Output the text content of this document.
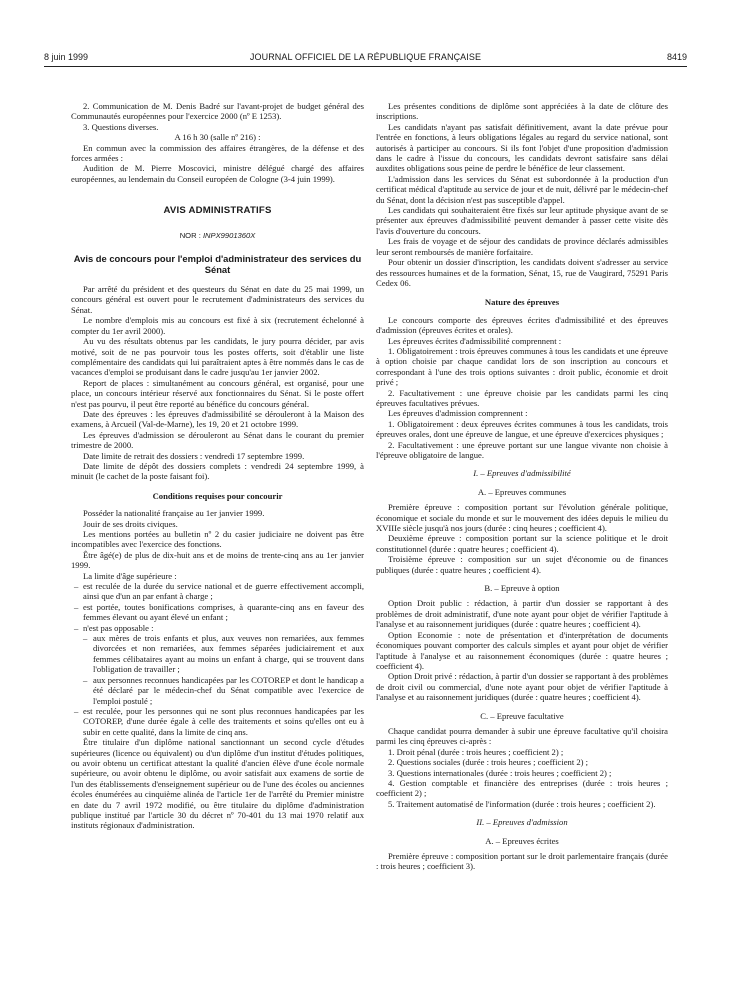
8 juin 1999	JOURNAL OFFICIEL DE LA RÉPUBLIQUE FRANÇAISE	8419

2. Communication de M. Denis Badré sur l'avant-projet de budget général des Communautés européennes pour l'exercice 2000 (nº E 1253).

3. Questions diverses.

A 16 h 30 (salle nº 216) :

En commun avec la commission des affaires étrangères, de la défense et des forces armées :

Audition de M. Pierre Moscovici, ministre délégué chargé des affaires européennes, au lendemain du Conseil européen de Cologne (3-4 juin 1999).

AVIS ADMINISTRATIFS
NOR : INPX9901360X
Avis de concours pour l'emploi d'administrateur des services du Sénat

Par arrêté du président et des questeurs du Sénat en date du 25 mai 1999, un concours général est ouvert pour le recrutement d'administrateurs des services du Sénat.

Le nombre d'emplois mis au concours est fixé à six (recrutement échelonné à compter du 1er avril 2000).

Au vu des résultats obtenus par les candidats, le jury pourra décider, par avis motivé, soit de ne pas pourvoir tous les postes offerts, soit d'établir une liste complémentaire des candidats qui lui paraîtraient aptes à être nommés dans le cas de vacances d'emploi se produisant dans le cadre jusqu'au 1er janvier 2002.

Report de places : simultanément au concours général, est organisé, pour une place, un concours intérieur réservé aux fonctionnaires du Sénat. Si le poste offert n'est pas pourvu, il peut être reporté au bénéfice du concours général.

Date des épreuves : les épreuves d'admissibilité se dérouleront à la Maison des examens, à Arcueil (Val-de-Marne), les 19, 20 et 21 octobre 1999.

Les épreuves d'admission se dérouleront au Sénat dans le courant du premier trimestre de 2000.

Date limite de retrait des dossiers : vendredi 17 septembre 1999.

Date limite de dépôt des dossiers complets : vendredi 24 septembre 1999, à minuit (le cachet de la poste faisant foi).

Conditions requises pour concourir

Posséder la nationalité française au 1er janvier 1999.

Jouir de ses droits civiques.

Les mentions portées au bulletin nº 2 du casier judiciaire ne doivent pas être incompatibles avec l'exercice des fonctions.

Être âgé(e) de plus de dix-huit ans et de moins de trente-cinq ans au 1er janvier 1999.

La limite d'âge supérieure :

– est reculée de la durée du service national et de guerre effectivement accompli, ainsi que d'un an par enfant à charge ;
– est portée, toutes bonifications comprises, à quarante-cinq ans en faveur des femmes élevant ou ayant élevé un enfant ;
– n'est pas opposable :
– aux mères de trois enfants et plus, aux veuves non remariées, aux femmes divorcées et non remariées, aux femmes séparées judiciairement et aux femmes célibataires ayant au moins un enfant à charge, qui se trouvent dans l'obligation de travailler ;
– aux personnes reconnues handicapées par les COTOREP et dont le handicap a été déclaré par le médecin-chef du Sénat compatible avec l'exercice de l'emploi postulé ;
– est reculée, pour les personnes qui ne sont plus reconnues handicapées par les COTOREP, d'une durée égale à celle des traitements et soins qu'elles ont eu à subir en cette qualité, dans la limite de cinq ans.

Être titulaire d'un diplôme national sanctionnant un second cycle d'études supérieures (licence ou équivalent) ou d'un diplôme d'un institut d'études politiques, ou avoir obtenu un certificat attestant la qualité d'ancien élève d'une école normale supérieure, ou avoir obtenu le diplôme, ou avoir satisfait aux examens de sortie de l'un des établissements d'enseignement supérieur ou de l'une des écoles ou anciennes écoles énumérées au cinquième alinéa de l'article 1er de l'arrêté du Premier ministre en date du 7 avril 1972 modifié, ou être titulaire du diplôme d'administration publique institué par l'article 30 du décret nº 70-401 du 13 mai 1970 relatif aux instituts régionaux d'administration.

Les présentes conditions de diplôme sont appréciées à la date de clôture des inscriptions.

Les candidats n'ayant pas satisfait définitivement, avant la date prévue pour l'entrée en fonctions, à leurs obligations légales au regard du service national, sont autorisés à participer au concours. Si ils font l'objet d'une proposition d'admission dans le cadre à l'issue du concours, les candidats devront satisfaire sans délai auxdites obligations sous peine de perdre le bénéfice de leur classement.

L'admission dans les services du Sénat est subordonnée à la production d'un certificat médical d'aptitude au service de jour et de nuit, délivré par le médecin-chef du Sénat, dont la décision n'est pas susceptible d'appel.

Les candidats qui souhaiteraient être fixés sur leur aptitude physique avant de se présenter aux épreuves d'admissibilité peuvent demander à passer cette visite dès l'avis d'ouverture du concours.

Les frais de voyage et de séjour des candidats de province déclarés admissibles leur seront remboursés de manière forfaitaire.

Pour obtenir un dossier d'inscription, les candidats doivent s'adresser au service des ressources humaines et de la formation, Sénat, 15, rue de Vaugirard, 75291 Paris Cedex 06.

Nature des épreuves

Le concours comporte des épreuves écrites d'admissibilité et des épreuves d'admission (épreuves écrites et orales).

Les épreuves écrites d'admissibilité comprennent :

1. Obligatoirement : trois épreuves communes à tous les candidats et une épreuve à option choisie par chaque candidat lors de son inscription au concours et correspondant à l'une des trois options suivantes : droit public, économie et droit privé ;

2. Facultativement : une épreuve choisie par les candidats parmi les cinq épreuves facultatives prévues.

Les épreuves d'admission comprennent :

1. Obligatoirement : deux épreuves écrites communes à tous les candidats, trois épreuves orales, dont une épreuve de langue, et une épreuve d'exercices physiques ;

2. Facultativement : une épreuve portant sur une langue vivante non choisie à l'épreuve obligatoire de langue.

I. – Epreuves d'admissibilité
A. – Epreuves communes

Première épreuve : composition portant sur l'évolution générale politique, économique et sociale du monde et sur le mouvement des idées depuis le milieu du XVIIIe siècle jusqu'à nos jours (durée : cinq heures ; coefficient 4).

Deuxième épreuve : composition portant sur la science politique et le droit constitutionnel (durée : quatre heures ; coefficient 4).

Troisième épreuve : composition sur un sujet d'économie ou de finances publiques (durée : quatre heures ; coefficient 4).

B. – Epreuve à option

Option Droit public : rédaction, à partir d'un dossier se rapportant à des problèmes de droit administratif, d'une note ayant pour objet de vérifier l'aptitude à l'analyse et au raisonnement juridiques (durée : quatre heures ; coefficient 4).

Option Economie : note de présentation et d'interprétation de documents économiques pouvant comporter des calculs simples et ayant pour objet de vérifier l'aptitude à l'analyse et au raisonnement économiques (durée : quatre heures ; coefficient 4).

Option Droit privé : rédaction, à partir d'un dossier se rapportant à des problèmes de droit civil ou commercial, d'une note ayant pour objet de vérifier l'aptitude à l'analyse et au raisonnement juridiques (durée : quatre heures ; coefficient 4).

C. – Epreuve facultative

Chaque candidat pourra demander à subir une épreuve facultative qu'il choisira parmi les cinq épreuves ci-après :

1. Droit pénal (durée : trois heures ; coefficient 2) ;

2. Questions sociales (durée : trois heures ; coefficient 2) ;

3. Questions internationales (durée : trois heures ; coefficient 2) ;

4. Gestion comptable et financière des entreprises (durée : trois heures ; coefficient 2) ;

5. Traitement automatisé de l'information (durée : trois heures ; coefficient 2).

II. – Epreuves d'admission
A. – Epreuves écrites

Première épreuve : composition portant sur le droit parlementaire français (durée : trois heures ; coefficient 3).
